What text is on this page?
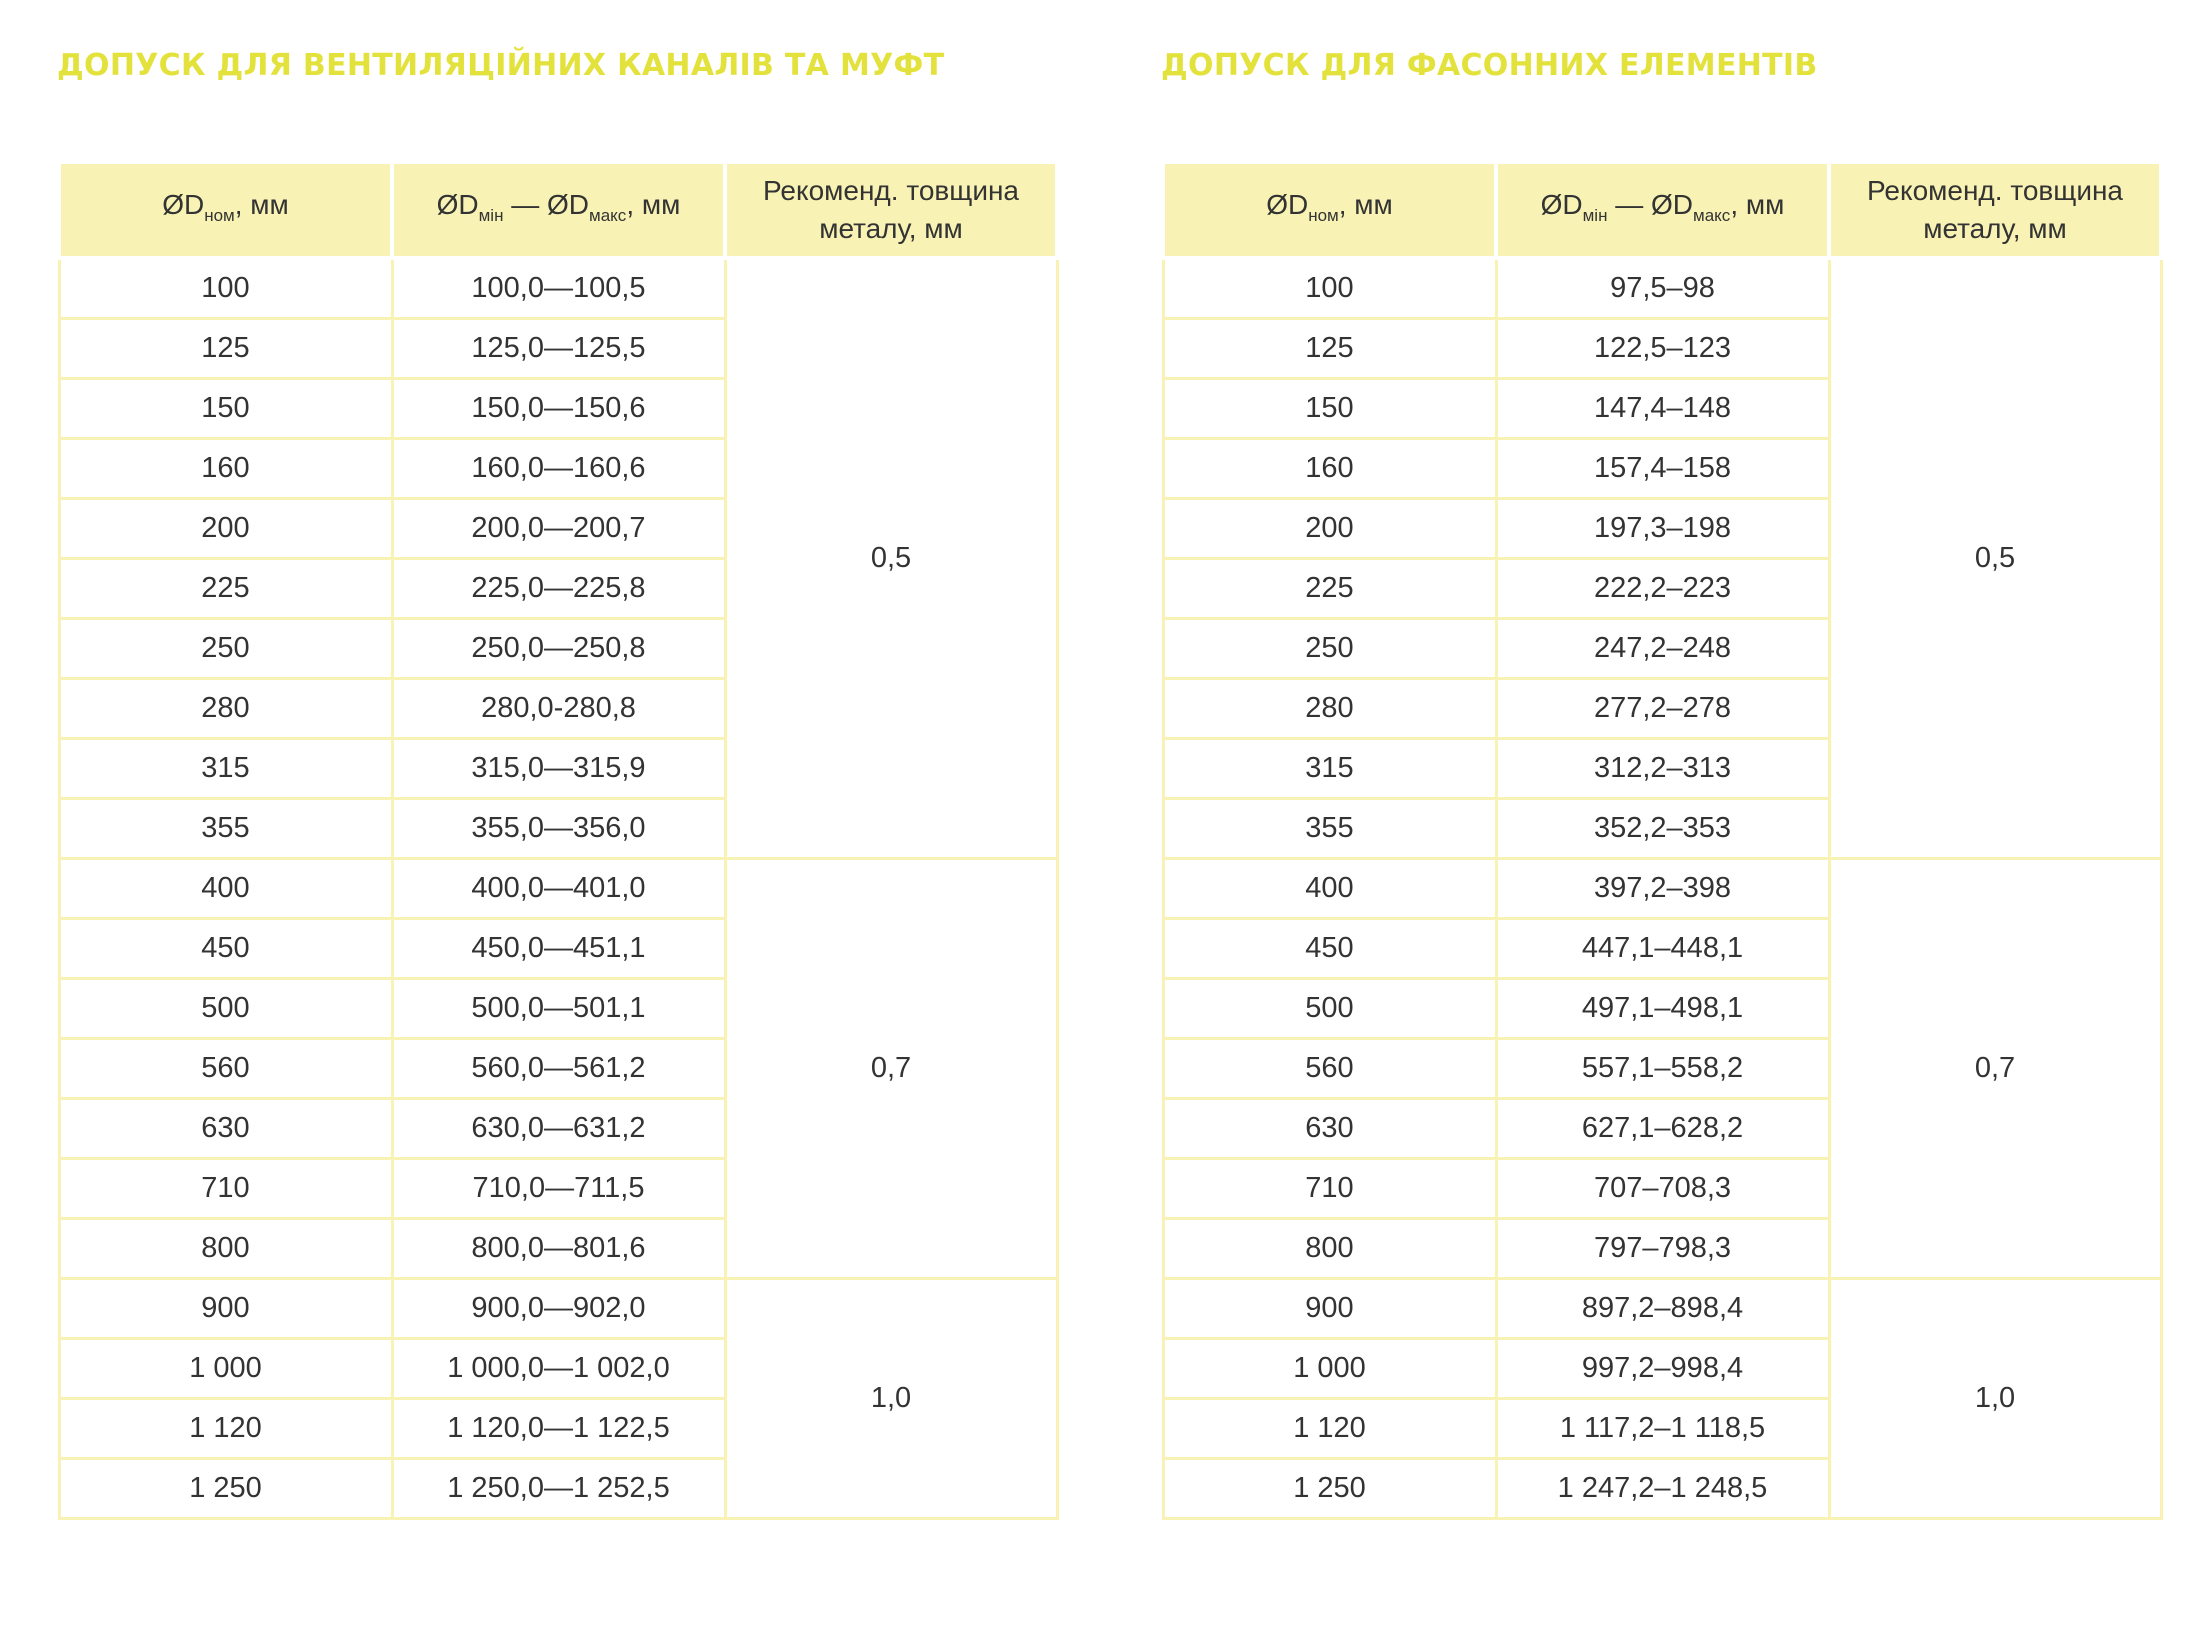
ДОПУСК ДЛЯ ВЕНТИЛЯЦІЙНИХ КАНАЛІВ ТА МУФТ
$ØD_{ном}$, мм	$ØD_{мін}$ — $ØD_{макс}$, мм	Рекоменд. товщина
металу, мм
100	100,0—100,5	0,5
125	125,0—125,5	
150	150,0—150,6	
160	160,0—160,6	
200	200,0—200,7	
225	225,0—225,8	
250	250,0—250,8	
280	280,0-280,8	
315	315,0—315,9	
355	355,0—356,0	
400	400,0—401,0	0,7
450	450,0—451,1	
500	500,0—501,1	
560	560,0—561,2	
630	630,0—631,2	
710	710,0—711,5	
800	800,0—801,6	
900	900,0—902,0	1,0
1 000	1 000,0—1 002,0	
1 120	1 120,0—1 122,5	
1 250	1 250,0—1 252,5	
ДОПУСК ДЛЯ ФАСОННИХ ЕЛЕМЕНТІВ
$ØD_{ном}$, мм	$ØD_{мін}$ — $ØD_{макс}$, мм	Рекоменд. товщина
металу, мм
100	97,5–98	0,5
125	122,5–123	
150	147,4–148	
160	157,4–158	
200	197,3–198	
225	222,2–223	
250	247,2–248	
280	277,2–278	
315	312,2–313	
355	352,2–353	
400	397,2–398	0,7
450	447,1–448,1	
500	497,1–498,1	
560	557,1–558,2	
630	627,1–628,2	
710	707–708,3	
800	797–798,3	
900	897,2–898,4	1,0
1 000	997,2–998,4	
1 120	1 117,2–1 118,5	
1 250	1 247,2–1 248,5	
